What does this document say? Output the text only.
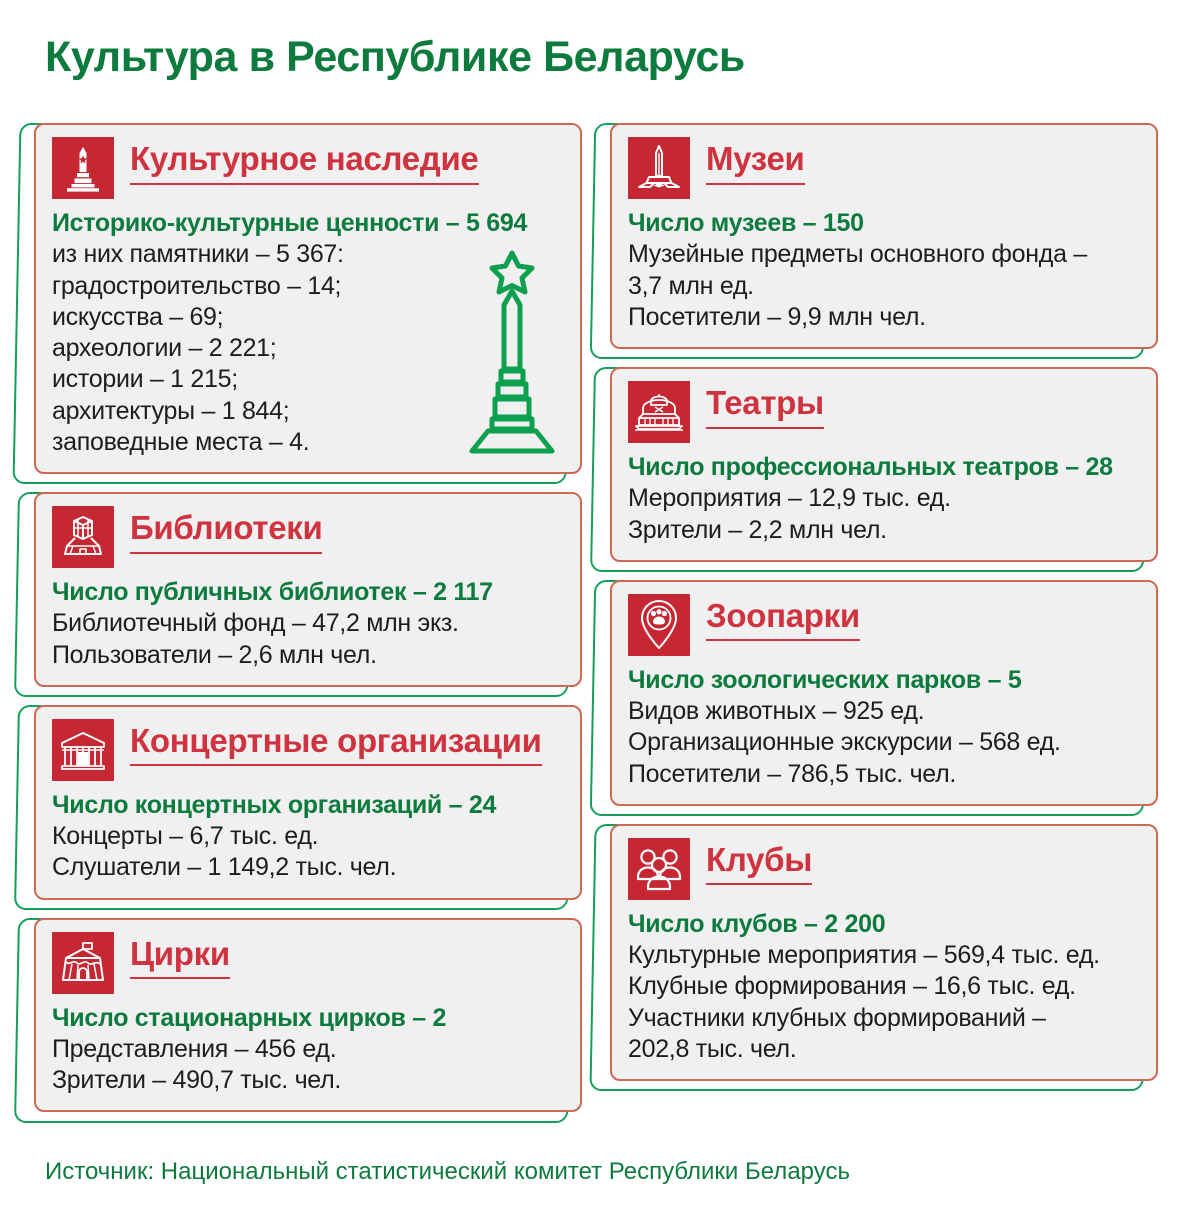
Культура в Республике Беларусь
Культурное наследие
Историко-культурные ценности – 5 694
из них памятники – 5 367:
градостроительство – 14;
искусства – 69;
археологии – 2 221;
истории – 1 215;
архитектуры – 1 844;
заповедные места – 4.
Библиотеки
Число публичных библиотек – 2 117
Библиотечный фонд – 47,2 млн экз.
Пользователи – 2,6 млн чел.
Концертные организации
Число концертных организаций – 24
Концерты – 6,7 тыс. ед.
Слушатели – 1 149,2 тыс. чел.
Цирки
Число стационарных цирков – 2
Представления – 456 ед.
Зрители – 490,7 тыс. чел.
Музеи
Число музеев – 150
Музейные предметы основного фонда –
3,7 млн ед.
Посетители – 9,9 млн чел.
Театры
Число профессиональных театров – 28
Мероприятия – 12,9 тыс. ед.
Зрители – 2,2 млн чел.
Зоопарки
Число зоологических парков – 5
Видов животных – 925 ед.
Организационные экскурсии – 568 ед.
Посетители – 786,5 тыс. чел.
Клубы
Число клубов – 2 200
Культурные мероприятия – 569,4 тыс. ед.
Клубные формирования – 16,6 тыс. ед.
Участники клубных формирований –
202,8 тыс. чел.
Источник: Национальный статистический комитет Республики Беларусь
